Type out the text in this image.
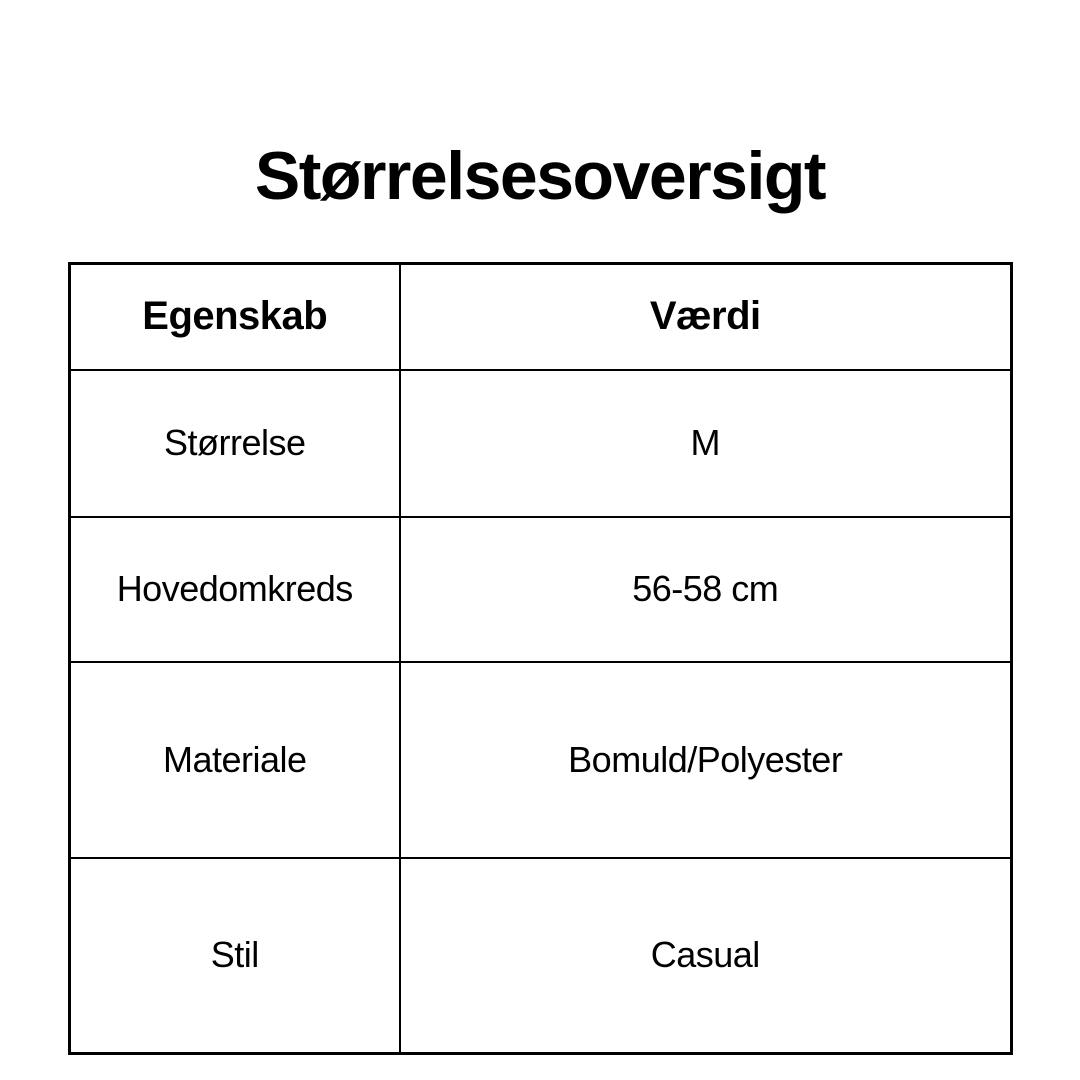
Størrelsesoversigt
Egenskab	Værdi
Størrelse	M
Hovedomkreds	56-58 cm
Materiale	Bomuld/Polyester
Stil	Casual
